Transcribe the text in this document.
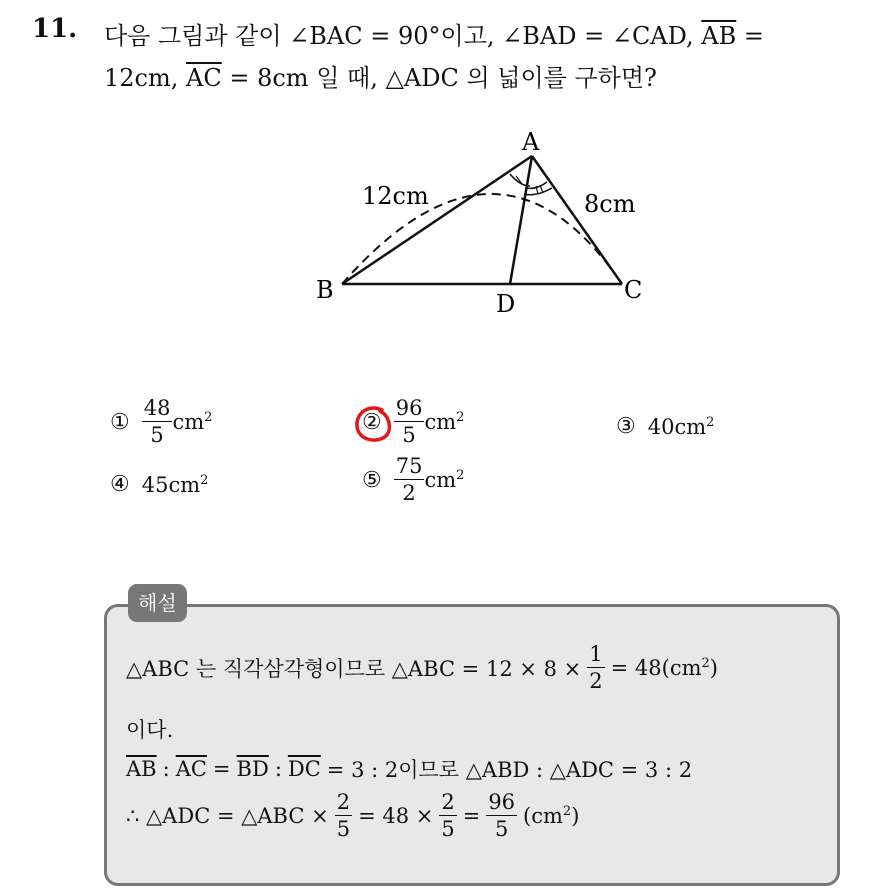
11. 다음 그림과 같이 ∠BAC = 90°이고, ∠BAD = ∠CAD, $\overline{AB}$ =
12cm, $\overline{AC} = 8cm$ 일 때, △ADC 의 넓이를 구하면?
A
B	C
D
12cm	8cm
① $\frac{48}{5} cm^2$	② $\frac{96}{5} cm^2$	③ $40cm^2$
④ $45cm^2$	⑤ $\frac{75}{2} cm^2$
해설
△ABC 는 직각삼각형이므로 △ABC = $12 \times 8 \times \frac{1}{2} = 48(cm^2)$
이다.
$\overline{AB}$ : $\overline{AC} = \overline{BD}$ : $\overline{DC} = 3$ : 2이므로 △ABD : △ADC = 3 : 2
∴ △ADC = △ABC × $\frac{2}{5} = 48 \times \frac{2}{5} = \frac{96}{5} (cm^2)$
